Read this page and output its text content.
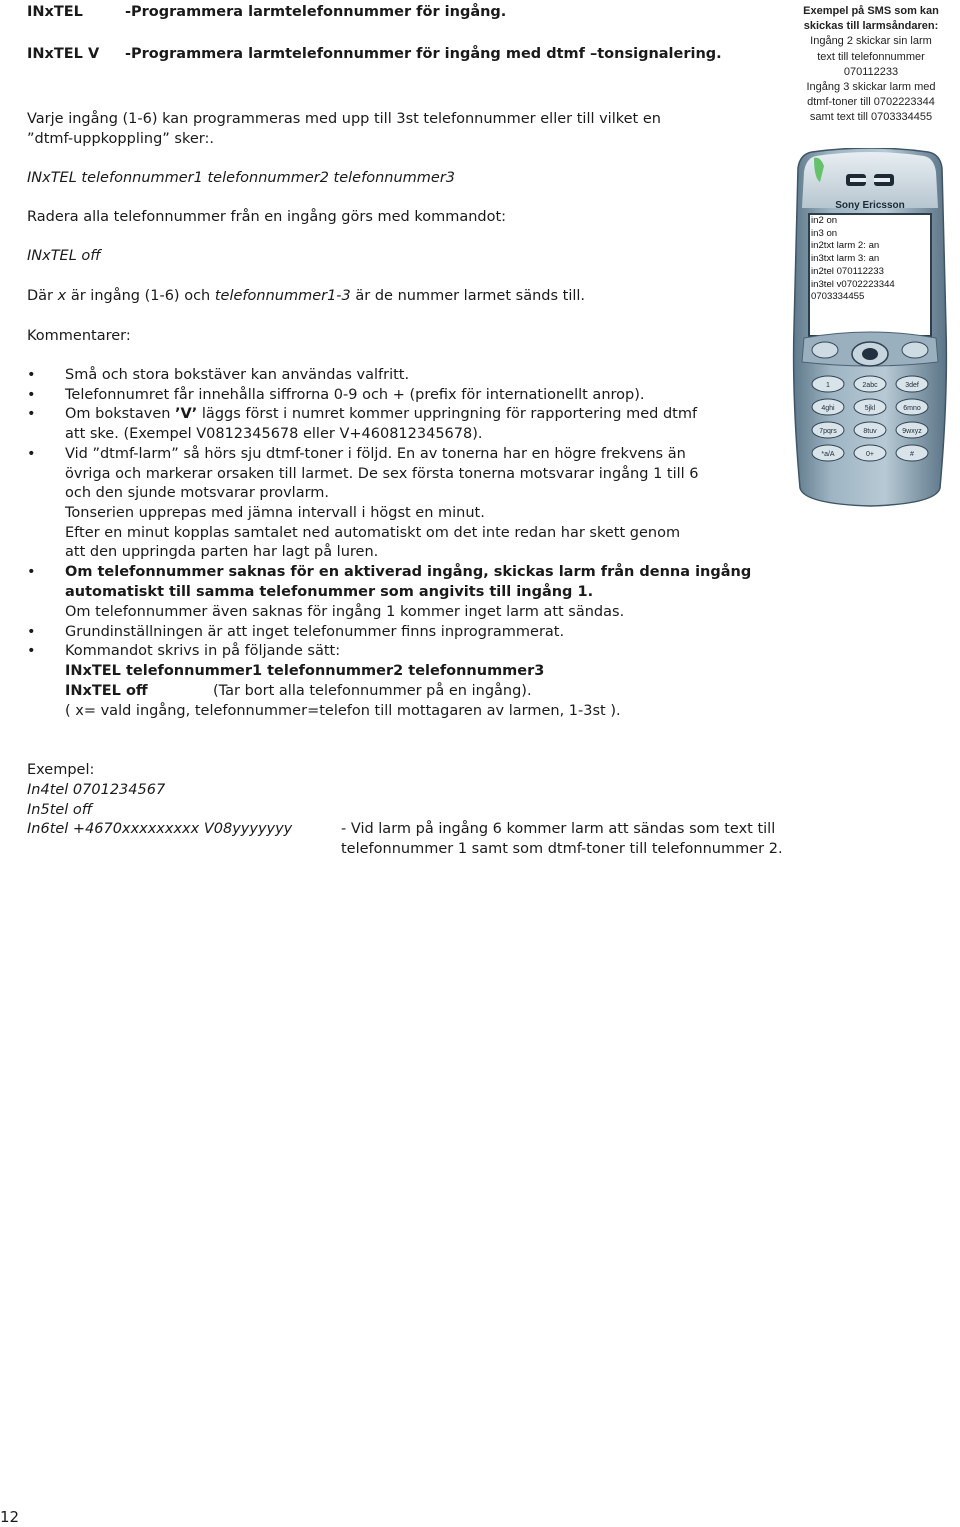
INxTEL	-Programmera larmtelefonnummer för ingång.
INxTEL V -Programmera larmtelefonnummer för ingång med dtmf –tonsignalering.
Varje ingång (1-6) kan programmeras med upp till 3st telefonnummer eller till vilket en
”dtmf-uppkoppling” sker:.
INxTEL telefonnummer1 telefonnummer2 telefonnummer3
Radera alla telefonnummer från en ingång görs med kommandot:
INxTEL off
Där x är ingång (1-6) och telefonnummer1-3 är de nummer larmet sänds till.
Kommentarer:
• Små och stora bokstäver kan användas valfritt.
• Telefonnumret får innehålla siffrorna 0-9 och + (prefix för internationellt anrop).
• Om bokstaven ’V’ läggs först i numret kommer uppringning för rapportering med dtmf
att ske. (Exempel V0812345678 eller V+460812345678).
• Vid ”dtmf-larm” så hörs sju dtmf-toner i följd. En av tonerna har en högre frekvens än
övriga och markerar orsaken till larmet. De sex första tonerna motsvarar ingång 1 till 6
och den sjunde motsvarar provlarm.
Tonserien upprepas med jämna intervall i högst en minut.
Efter en minut kopplas samtalet ned automatiskt om det inte redan har skett genom
att den uppringda parten har lagt på luren.
• Om telefonnummer saknas för en aktiverad ingång, skickas larm från denna ingång
automatiskt till samma telefonummer som angivits till ingång 1.
Om telefonnummer även saknas för ingång 1 kommer inget larm att sändas.
• Grundinställningen är att inget telefonummer finns inprogrammerat.
• Kommandot skrivs in på följande sätt:
INxTEL telefonnummer1 telefonnummer2 telefonnummer3
INxTEL off	(Tar bort alla telefonnummer på en ingång).
( x= vald ingång, telefonnummer=telefon till mottagaren av larmen, 1-3st ).
Exempel:
In4tel 0701234567
In5tel off
In6tel +4670xxxxxxxxx V08yyyyyyy	- Vid larm på ingång 6 kommer larm att sändas som text till
telefonnummer 1 samt som dtmf-toner till telefonnummer 2.
Exempel på SMS som kan
skickas till larmsåndaren:
Ingång 2 skickar sin larm
text till telefonnummer
070112233
Ingång 3 skickar larm med
dtmf-toner till 0702223344
samt text till 0703334455
Sony Ericsson
1	2abc	3def
4ghi	5jkl	6mno
7pqrs	8tuv	9wxyz
*a/A	0+	#
in2 on
in3 on
in2txt larm 2: an
in3txt larm 3: an
in2tel 070112233
in3tel v0702223344
0703334455
12
